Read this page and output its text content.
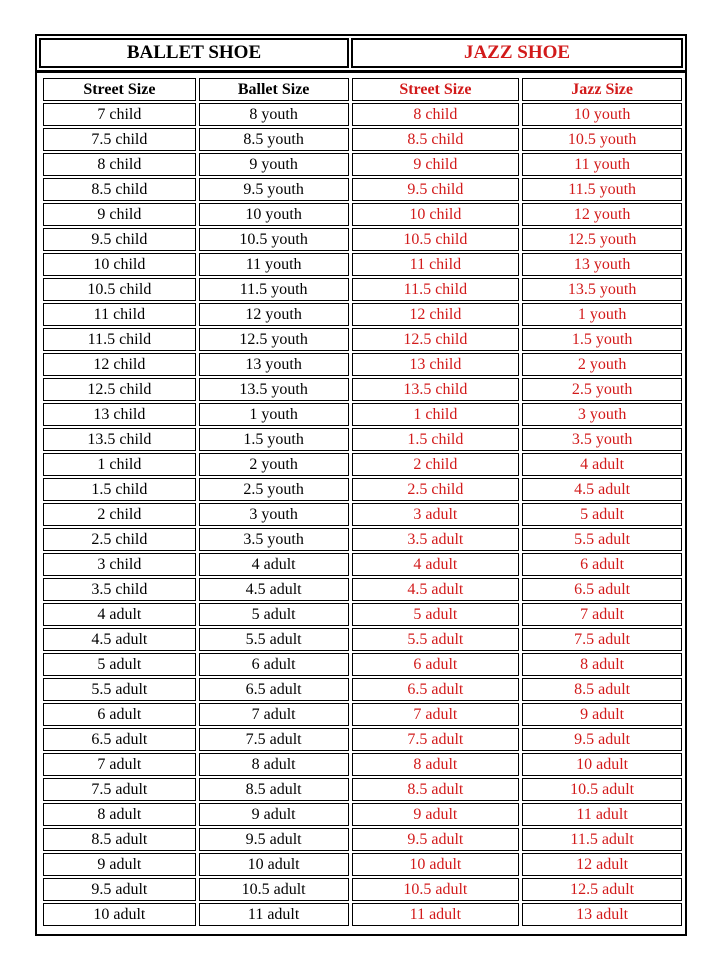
BALLET SHOE	JAZZ SHOE
Street Size	Ballet Size	Street Size	Jazz Size
7 child	8 youth	8 child	10 youth
7.5 child	8.5 youth	8.5 child	10.5 youth
8 child	9 youth	9 child	11 youth
8.5 child	9.5 youth	9.5 child	11.5 youth
9 child	10 youth	10 child	12 youth
9.5 child	10.5 youth	10.5 child	12.5 youth
10 child	11 youth	11 child	13 youth
10.5 child	11.5 youth	11.5 child	13.5 youth
11 child	12 youth	12 child	1 youth
11.5 child	12.5 youth	12.5 child	1.5 youth
12 child	13 youth	13 child	2 youth
12.5 child	13.5 youth	13.5 child	2.5 youth
13 child	1 youth	1 child	3 youth
13.5 child	1.5 youth	1.5 child	3.5 youth
1 child	2 youth	2 child	4 adult
1.5 child	2.5 youth	2.5 child	4.5 adult
2 child	3 youth	3 adult	5 adult
2.5 child	3.5 youth	3.5 adult	5.5 adult
3 child	4 adult	4 adult	6 adult
3.5 child	4.5 adult	4.5 adult	6.5 adult
4 adult	5 adult	5 adult	7 adult
4.5 adult	5.5 adult	5.5 adult	7.5 adult
5 adult	6 adult	6 adult	8 adult
5.5 adult	6.5 adult	6.5 adult	8.5 adult
6 adult	7 adult	7 adult	9 adult
6.5 adult	7.5 adult	7.5 adult	9.5 adult
7 adult	8 adult	8 adult	10 adult
7.5 adult	8.5 adult	8.5 adult	10.5 adult
8 adult	9 adult	9 adult	11 adult
8.5 adult	9.5 adult	9.5 adult	11.5 adult
9 adult	10 adult	10 adult	12 adult
9.5 adult	10.5 adult	10.5 adult	12.5 adult
10 adult	11 adult	11 adult	13 adult
